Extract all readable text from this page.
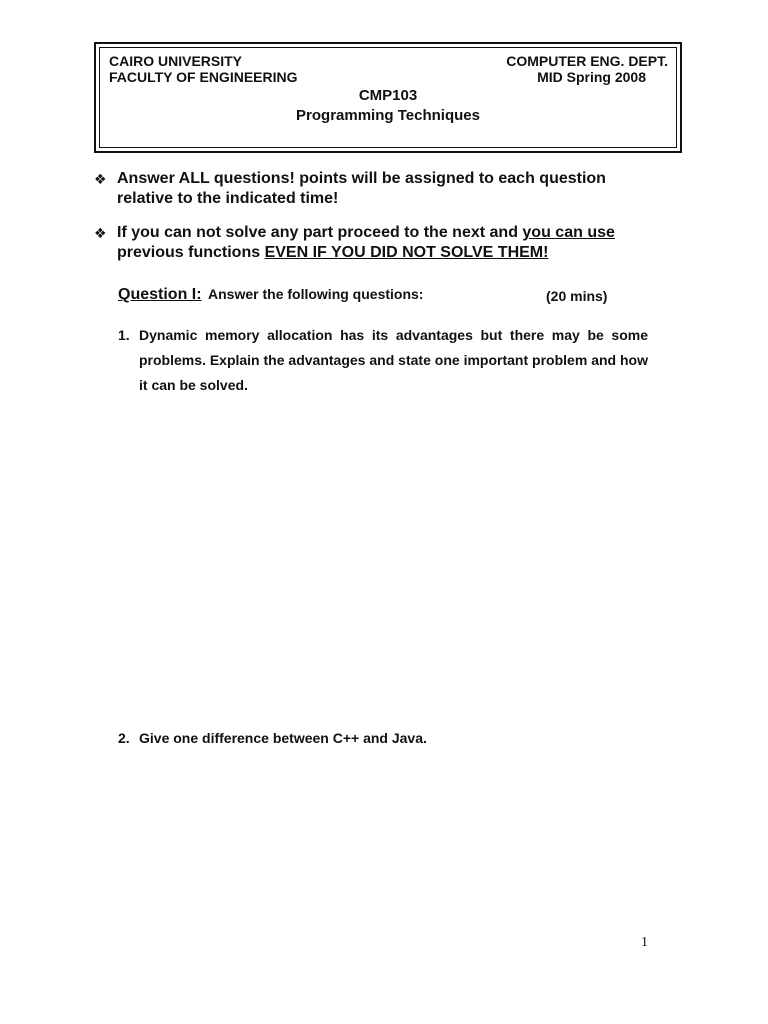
CAIRO UNIVERSITY
FACULTY OF ENGINEERING
COMPUTER ENG. DEPT.
MID Spring 2008
CMP103
Programming Techniques
❖ Answer ALL questions! points will be assigned to each question relative to the indicated time!
❖ If you can not solve any part proceed to the next and you can use previous functions EVEN IF YOU DID NOT SOLVE THEM!
Question I: Answer the following questions:	(20 mins)
1. Dynamic memory allocation has its advantages but there may be some problems. Explain the advantages and state one important problem and how it can be solved.
2. Give one difference between C++ and Java.
1
